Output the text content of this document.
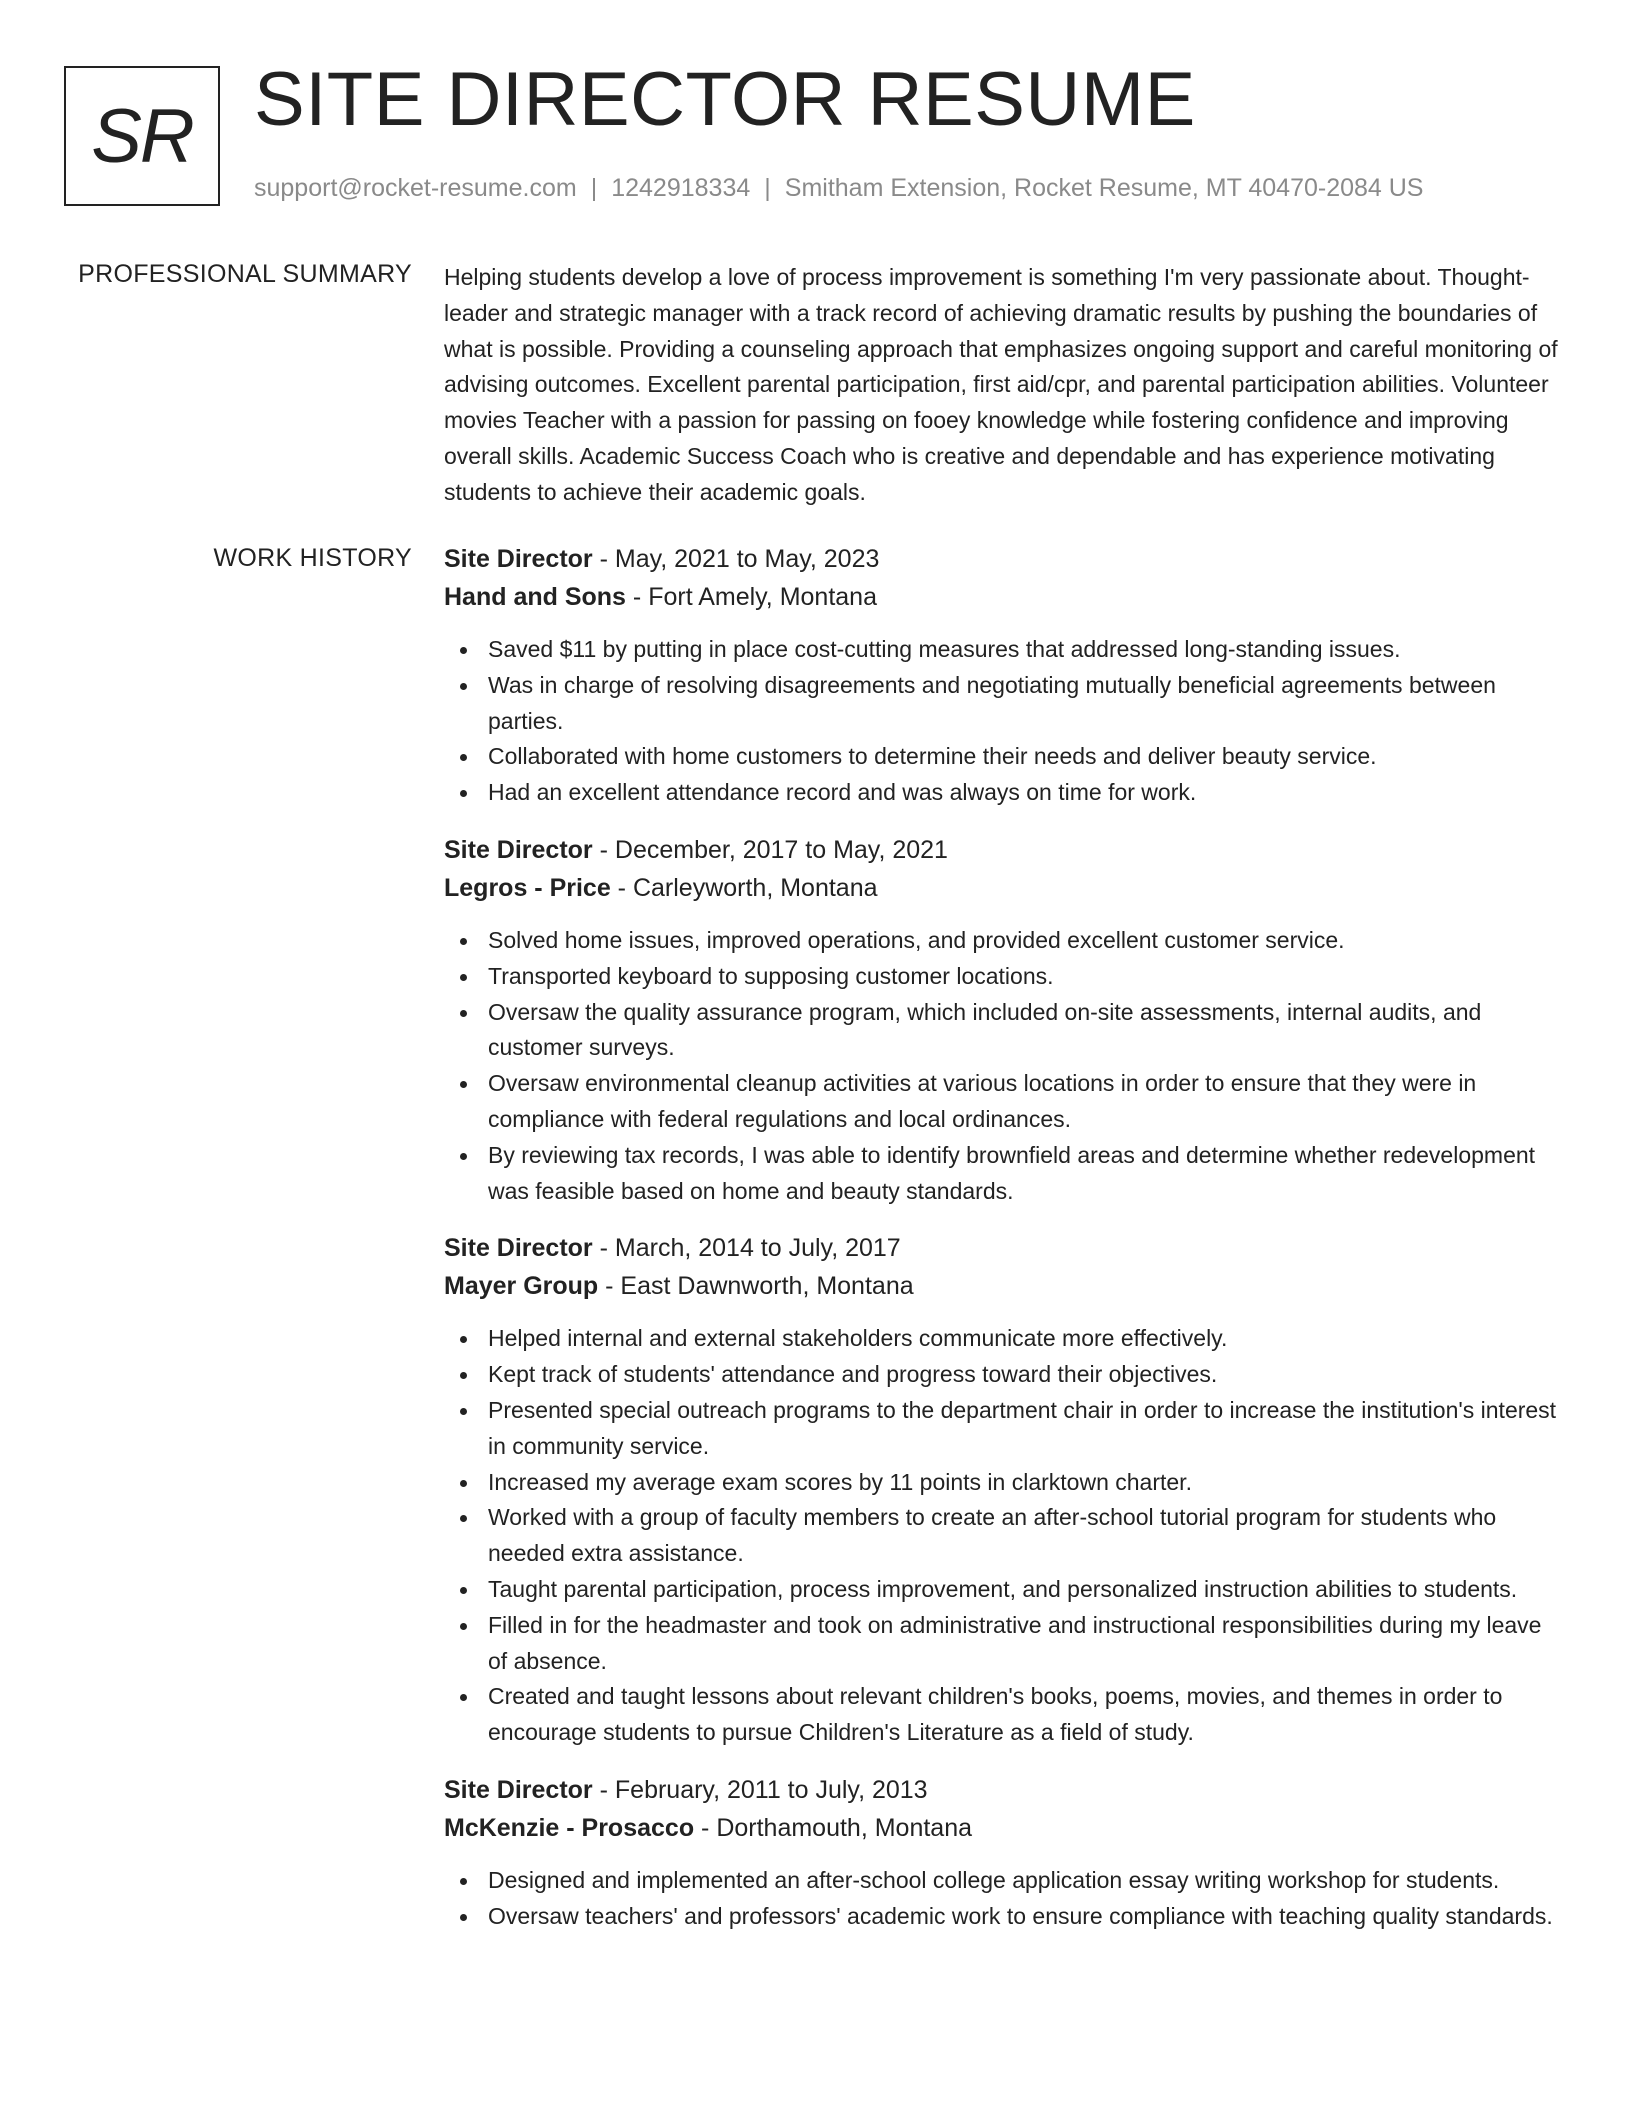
SR SITE DIRECTOR RESUME
support@rocket-resume.com | 1242918334 | Smitham Extension, Rocket Resume, MT 40470-2084 US
PROFESSIONAL SUMMARY Helping students develop a love of process improvement is something I'm very passionate about. Thought-leader and strategic manager with a track record of achieving dramatic results by pushing the boundaries of what is possible. Providing a counseling approach that emphasizes ongoing support and careful monitoring of advising outcomes. Excellent parental participation, first aid/cpr, and parental participation abilities. Volunteer movies Teacher with a passion for passing on fooey knowledge while fostering confidence and improving overall skills. Academic Success Coach who is creative and dependable and has experience motivating students to achieve their academic goals.
WORK HISTORY Site Director - May, 2021 to May, 2023
Hand and Sons - Fort Amely, Montana
Saved $11 by putting in place cost-cutting measures that addressed long-standing issues.
Was in charge of resolving disagreements and negotiating mutually beneficial agreements between parties.
Collaborated with home customers to determine their needs and deliver beauty service.
Had an excellent attendance record and was always on time for work.
Site Director - December, 2017 to May, 2021
Legros - Price - Carleyworth, Montana
Solved home issues, improved operations, and provided excellent customer service.
Transported keyboard to supposing customer locations.
Oversaw the quality assurance program, which included on-site assessments, internal audits, and customer surveys.
Oversaw environmental cleanup activities at various locations in order to ensure that they were in compliance with federal regulations and local ordinances.
By reviewing tax records, I was able to identify brownfield areas and determine whether redevelopment was feasible based on home and beauty standards.
Site Director - March, 2014 to July, 2017
Mayer Group - East Dawnworth, Montana
Helped internal and external stakeholders communicate more effectively.
Kept track of students' attendance and progress toward their objectives.
Presented special outreach programs to the department chair in order to increase the institution's interest in community service.
Increased my average exam scores by 11 points in clarktown charter.
Worked with a group of faculty members to create an after-school tutorial program for students who needed extra assistance.
Taught parental participation, process improvement, and personalized instruction abilities to students.
Filled in for the headmaster and took on administrative and instructional responsibilities during my leave of absence.
Created and taught lessons about relevant children's books, poems, movies, and themes in order to encourage students to pursue Children's Literature as a field of study.
Site Director - February, 2011 to July, 2013
McKenzie - Prosacco - Dorthamouth, Montana
Designed and implemented an after-school college application essay writing workshop for students.
Oversaw teachers' and professors' academic work to ensure compliance with teaching quality standards.
